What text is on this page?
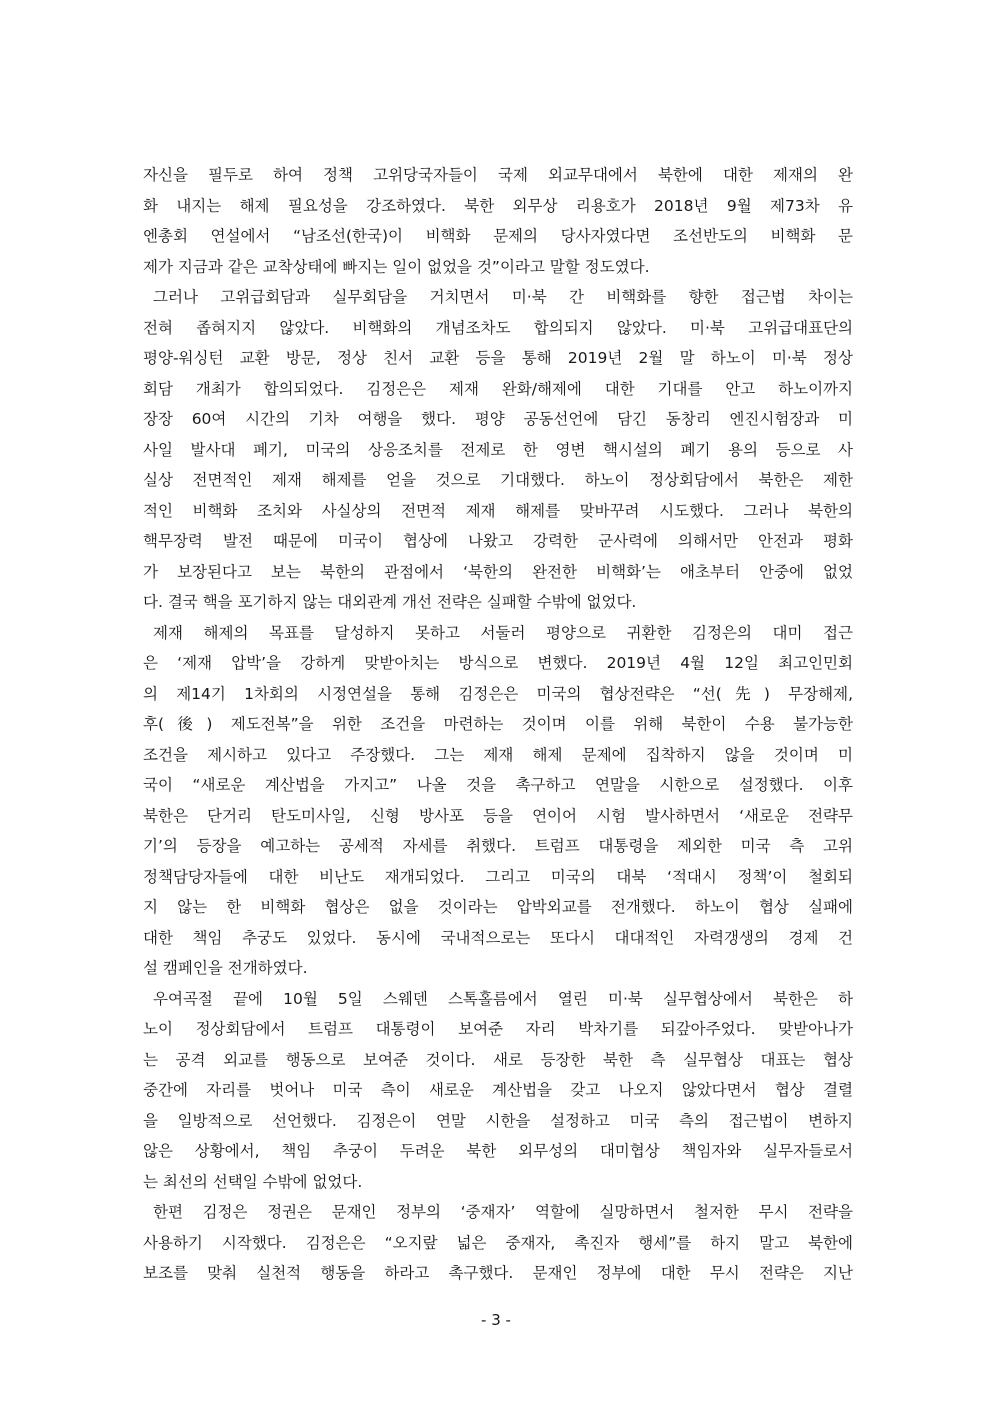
자신을 필두로 하여 정책 고위당국자들이 국제 외교무대에서 북한에 대한 제재의 완
화 내지는 해제 필요성을 강조하였다. 북한 외무상 리용호가 2018년 9월 제73차 유
엔총회 연설에서 “남조선(한국)이 비핵화 문제의 당사자였다면 조선반도의 비핵화 문
제가 지금과 같은 교착상태에 빠지는 일이 없었을 것”이라고 말할 정도였다.
그러나 고위급회담과 실무회담을 거치면서 미·북 간 비핵화를 향한 접근법 차이는
전혀 좁혀지지 않았다. 비핵화의 개념조차도 합의되지 않았다. 미·북 고위급대표단의
평양-워싱턴 교환 방문, 정상 친서 교환 등을 통해 2019년 2월 말 하노이 미·북 정상
회담 개최가 합의되었다. 김정은은 제재 완화/해제에 대한 기대를 안고 하노이까지
장장 60여 시간의 기차 여행을 했다. 평양 공동선언에 담긴 동창리 엔진시험장과 미
사일 발사대 폐기, 미국의 상응조치를 전제로 한 영변 핵시설의 폐기 용의 등으로 사
실상 전면적인 제재 해제를 얻을 것으로 기대했다. 하노이 정상회담에서 북한은 제한
적인 비핵화 조치와 사실상의 전면적 제재 해제를 맞바꾸려 시도했다. 그러나 북한의
핵무장력 발전 때문에 미국이 협상에 나왔고 강력한 군사력에 의해서만 안전과 평화
가 보장된다고 보는 북한의 관점에서 ‘북한의 완전한 비핵화’는 애초부터 안중에 없었
다. 결국 핵을 포기하지 않는 대외관계 개선 전략은 실패할 수밖에 없었다.
제재 해제의 목표를 달성하지 못하고 서둘러 평양으로 귀환한 김정은의 대미 접근
은 ‘제재 압박’을 강하게 맞받아치는 방식으로 변했다. 2019년 4월 12일 최고인민회
의 제14기 1차회의 시정연설을 통해 김정은은 미국의 협상전략은 “선(先) 무장해제,
후(後) 제도전복”을 위한 조건을 마련하는 것이며 이를 위해 북한이 수용 불가능한
조건을 제시하고 있다고 주장했다. 그는 제재 해제 문제에 집착하지 않을 것이며 미
국이 “새로운 계산법을 가지고” 나올 것을 촉구하고 연말을 시한으로 설정했다. 이후
북한은 단거리 탄도미사일, 신형 방사포 등을 연이어 시험 발사하면서 ‘새로운 전략무
기’의 등장을 예고하는 공세적 자세를 취했다. 트럼프 대통령을 제외한 미국 측 고위
정책담당자들에 대한 비난도 재개되었다. 그리고 미국의 대북 ‘적대시 정책’이 철회되
지 않는 한 비핵화 협상은 없을 것이라는 압박외교를 전개했다. 하노이 협상 실패에
대한 책임 추궁도 있었다. 동시에 국내적으로는 또다시 대대적인 자력갱생의 경제 건
설 캠페인을 전개하였다.
우여곡절 끝에 10월 5일 스웨덴 스톡홀름에서 열린 미·북 실무협상에서 북한은 하
노이 정상회담에서 트럼프 대통령이 보여준 자리 박차기를 되갚아주었다. 맞받아나가
는 공격 외교를 행동으로 보여준 것이다. 새로 등장한 북한 측 실무협상 대표는 협상
중간에 자리를 벗어나 미국 측이 새로운 계산법을 갖고 나오지 않았다면서 협상 결렬
을 일방적으로 선언했다. 김정은이 연말 시한을 설정하고 미국 측의 접근법이 변하지
않은 상황에서, 책임 추궁이 두려운 북한 외무성의 대미협상 책임자와 실무자들로서
는 최선의 선택일 수밖에 없었다.
한편 김정은 정권은 문재인 정부의 ‘중재자’ 역할에 실망하면서 철저한 무시 전략을
사용하기 시작했다. 김정은은 “오지랖 넓은 중재자, 촉진자 행세”를 하지 말고 북한에
보조를 맞춰 실천적 행동을 하라고 촉구했다. 문재인 정부에 대한 무시 전략은 지난
- 3 -
